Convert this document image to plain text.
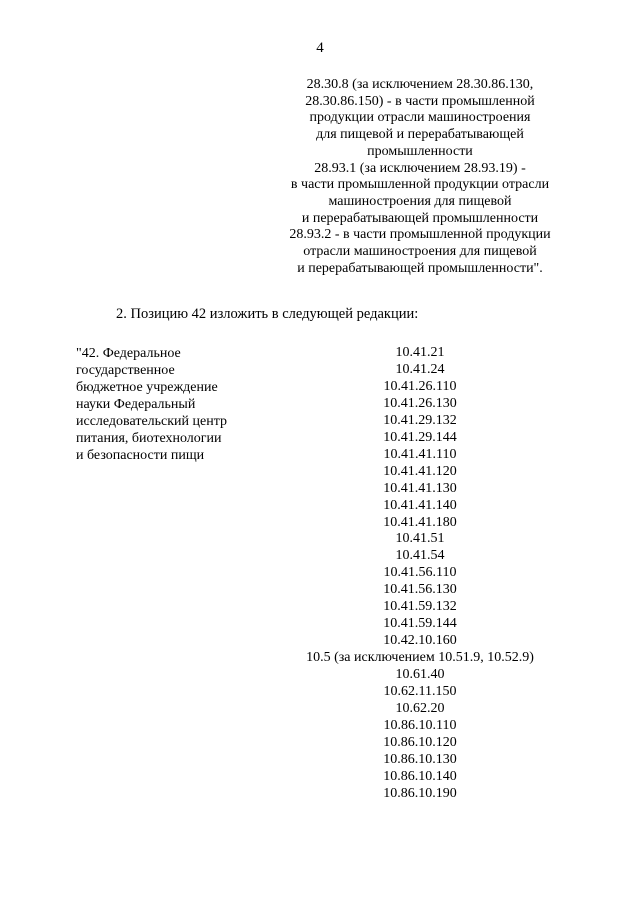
4
28.30.8 (за исключением 28.30.86.130,
28.30.86.150) - в части промышленной
продукции отрасли машиностроения
для пищевой и перерабатывающей
промышленности
28.93.1 (за исключением 28.93.19) -
в части промышленной продукции отрасли
машиностроения для пищевой
и перерабатывающей промышленности
28.93.2 - в части промышленной продукции
отрасли машиностроения для пищевой
и перерабатывающей промышленности".
2. Позицию 42 изложить в следующей редакции:
"42. Федеральное
государственное
бюджетное учреждение
науки Федеральный
исследовательский центр
питания, биотехнологии
и безопасности пищи
10.41.21
10.41.24
10.41.26.110
10.41.26.130
10.41.29.132
10.41.29.144
10.41.41.110
10.41.41.120
10.41.41.130
10.41.41.140
10.41.41.180
10.41.51
10.41.54
10.41.56.110
10.41.56.130
10.41.59.132
10.41.59.144
10.42.10.160
10.5 (за исключением 10.51.9, 10.52.9)
10.61.40
10.62.11.150
10.62.20
10.86.10.110
10.86.10.120
10.86.10.130
10.86.10.140
10.86.10.190
